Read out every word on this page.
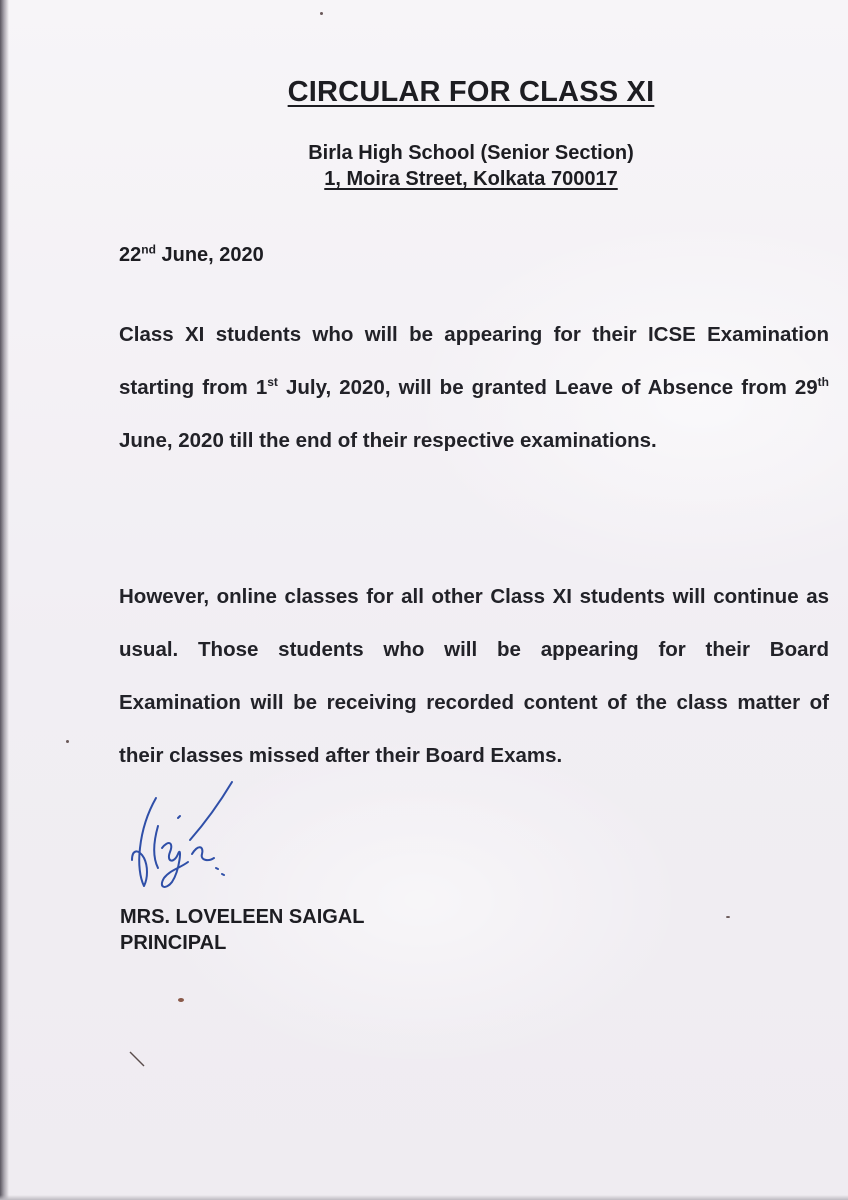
CIRCULAR FOR CLASS XI
Birla High School (Senior Section)
1, Moira Street, Kolkata 700017
22nd June, 2020
Class XI students who will be appearing for their ICSE Examination starting from 1st July, 2020, will be granted Leave of Absence from 29th June, 2020 till the end of their respective examinations.
However, online classes for all other Class XI students will continue as usual. Those students who will be appearing for their Board Examination will be receiving recorded content of the class matter of their classes missed after their Board Exams.
MRS. LOVELEEN SAIGAL
PRINCIPAL
